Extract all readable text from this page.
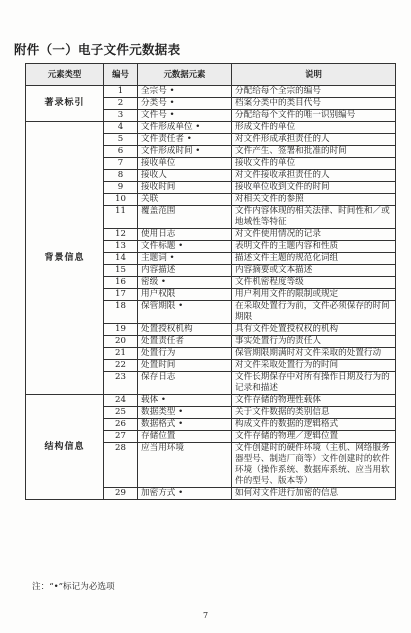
附件（一）电子文件元数据表
元素类型	编号	元数据元素	说明
著录标引	1	全宗号 •	分配给每个全宗的编号
	2	分类号 •	档案分类中的类目代号
	3	文件号 •	分配给每个文件的唯一识别编号
背景信息	4	文件形成单位 •	形成文件的单位
	5	文件责任者 •	对文件形成承担责任的人
	6	文件形成时间 •	文件产生、签署和批准的时间
	7	接收单位	接收文件的单位
	8	接收人	对文件接收承担责任的人
	9	接收时间	接收单位收到文件的时间
	10	关联	对相关文件的参照
	11	覆盖范围	文件内容体现的相关法律、时间性和／或地域性等特征
	12	使用日志	对文件使用情况的记录
	13	文件标题 •	表明文件的主题内容和性质
	14	主题词 •	描述文件主题的规范化词组
	15	内容描述	内容摘要或文本描述
	16	密级 •	文件机密程度等级
	17	用户权限	用户利用文件的限制或规定
	18	保管期限 •	在采取处置行为前，文件必须保存的时间期限
	19	处置授权机构	具有文件处置授权权的机构
	20	处置责任者	事实处置行为的责任人
	21	处置行为	保管期限期满时对文件采取的处置行动
	22	处置时间	对文件采取处置行为的时间
	23	保存日志	文件长期保存中对所有操作日期及行为的记录和描述
结构信息	24	载体 •	文件存储的物理性载体
	25	数据类型 •	关于文件数据的类别信息
	26	数据格式 •	构成文件的数据的逻辑格式
	27	存储位置	文件存储的物理／逻辑位置
	28	应当用环境	文件创建时的硬件环境（主机、网络服务器型号、制造厂商等）文件创建时的软件环境（操作系统、数据库系统、应当用软件的型号、版本等）
	29	加密方式 •	如何对文件进行加密的信息
注：“•”标记为必选项
7
